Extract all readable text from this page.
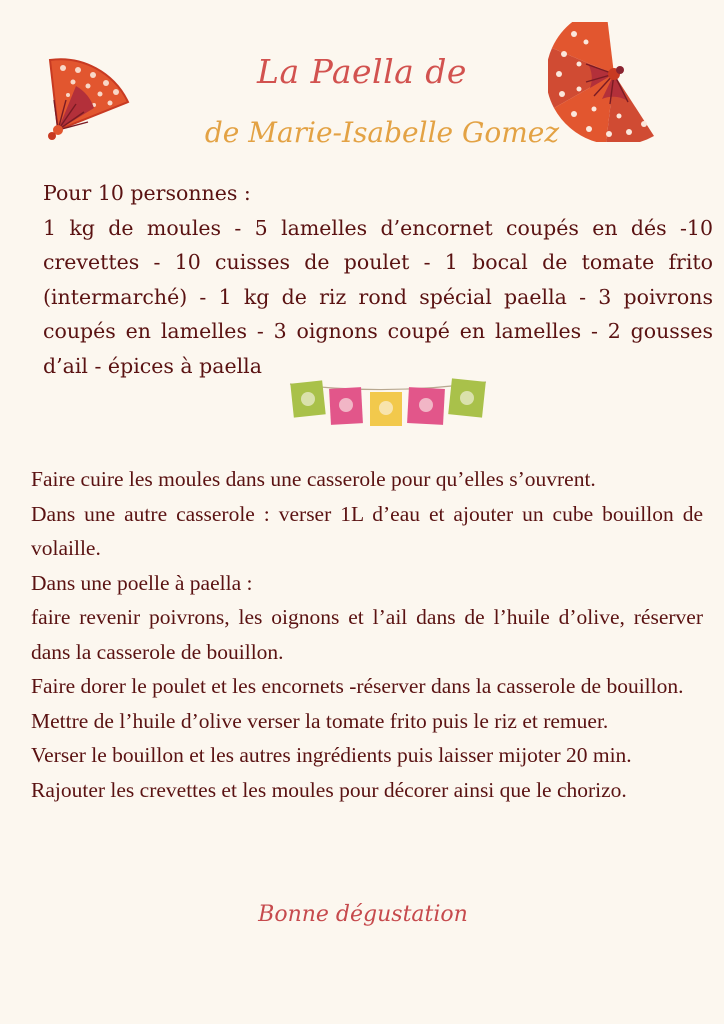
La Paella de
de Marie-Isabelle Gomez
Pour 10 personnes :
1 kg de moules - 5 lamelles d’encornet coupés en dés -10 crevettes - 10 cuisses de poulet - 1 bocal de tomate frito (intermarché) - 1 kg de riz rond spécial paella - 3 poivrons coupés en lamelles - 3 oignons coupé en lamelles - 2 gousses d’ail - épices à paella
Faire cuire les moules dans une casserole pour qu’elles s’ouvrent.
Dans une autre casserole : verser 1L d’eau et ajouter un cube bouillon de volaille.
Dans une poelle à paella :
faire revenir poivrons, les oignons et l’ail dans de l’huile d’olive, réserver dans la casserole de bouillon.
Faire dorer le poulet et les encornets -réserver dans la casserole de bouillon.
Mettre de l’huile d’olive verser la tomate frito puis le riz et remuer.
Verser le bouillon et les autres ingrédients puis laisser mijoter 20 min.
Rajouter les crevettes et les moules pour décorer ainsi que le chorizo.
Bonne dégustation
